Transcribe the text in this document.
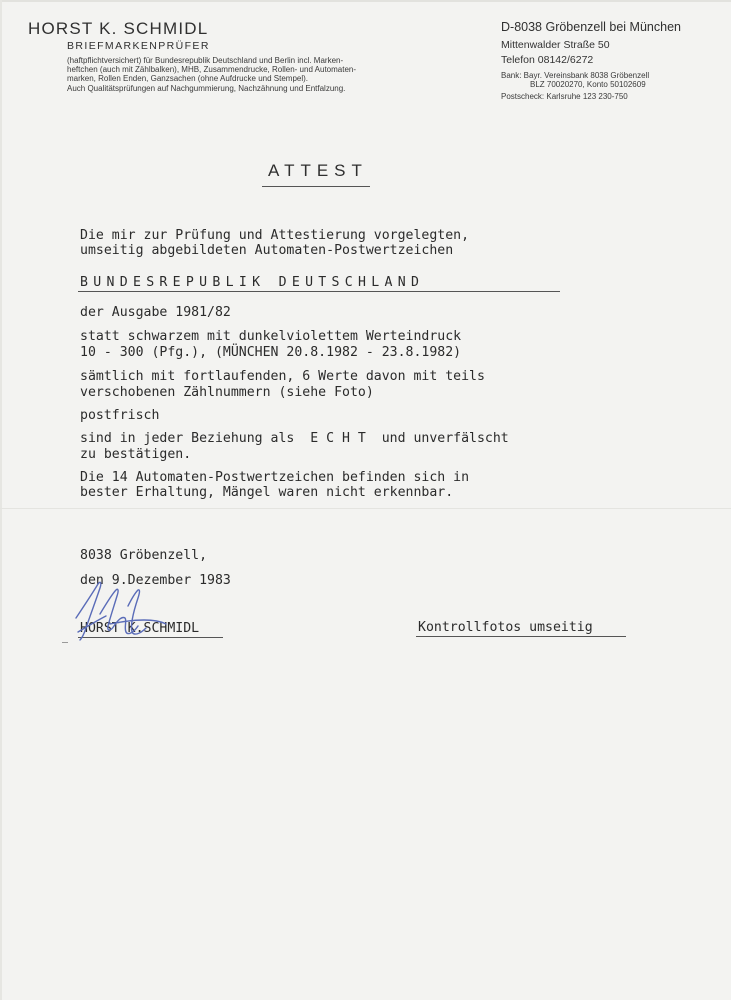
HORST K. SCHMIDL
BRIEFMARKENPRÜFER
(haftpflichtversichert) für Bundesrepublik Deutschland und Berlin incl. Marken-
heftchen (auch mit Zählbalken), MHB, Zusammendrucke, Rollen- und Automaten-
marken, Rollen Enden, Ganzsachen (ohne Aufdrucke und Stempel).
Auch Qualitätsprüfungen auf Nachgummierung, Nachzähnung und Entfalzung.
D-8038 Gröbenzell bei München
Mittenwalder Straße 50
Telefon 08142/6272
Bank: Bayr. Vereinsbank 8038 Gröbenzell
BLZ 70020270, Konto 50102609
Postscheck: Karlsruhe 123 230-750
ATTEST
Die mir zur Prüfung und Attestierung vorgelegten,
umseitig abgebildeten Automaten-Postwertzeichen
BUNDESREPUBLIK DEUTSCHLAND
der Ausgabe 1981/82
statt schwarzem mit dunkelviolettem Werteindruck
10 - 300 (Pfg.), (MÜNCHEN 20.8.1982 - 23.8.1982)
sämtlich mit fortlaufenden, 6 Werte davon mit teils
verschobenen Zählnummern (siehe Foto)
postfrisch
sind in jeder Beziehung als  E C H T  und unverfälscht
zu bestätigen.
Die 14 Automaten-Postwertzeichen befinden sich in
bester Erhaltung, Mängel waren nicht erkennbar.
8038 Gröbenzell,
den 9.Dezember 1983
HORST K.SCHMIDL	Kontrollfotos umseitig
